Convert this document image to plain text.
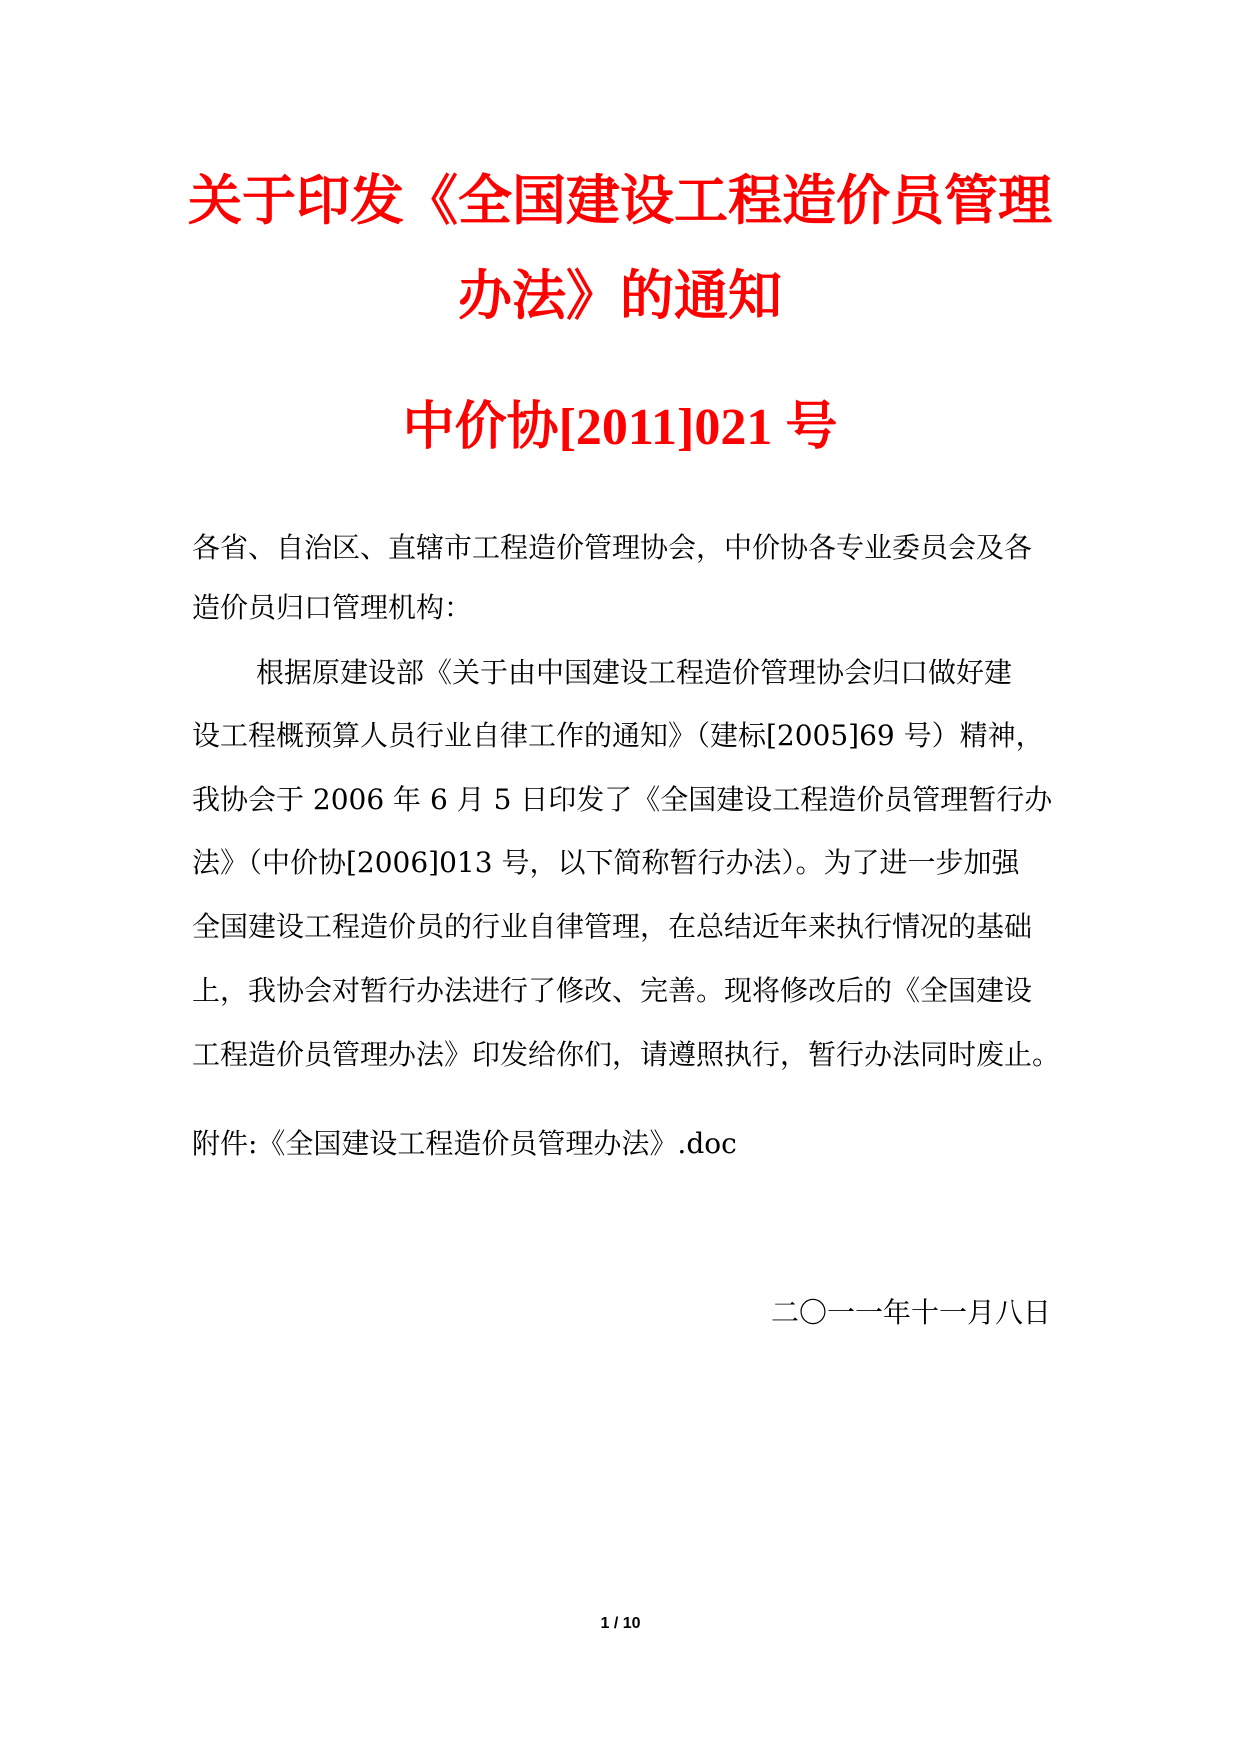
关于印发《全国建设工程造价员管理
办法》的通知
中价协[2011]021 号
各省、自治区、直辖市工程造价管理协会，中价协各专业委员会及各
造价员归口管理机构：
根据原建设部《关于由中国建设工程造价管理协会归口做好建
设工程概预算人员行业自律工作的通知》（建标[2005]69 号）精神，
我协会于 2006 年 6 月 5 日印发了《全国建设工程造价员管理暂行办
法》（中价协[2006]013 号，以下简称暂行办法）。为了进一步加强
全国建设工程造价员的行业自律管理，在总结近年来执行情况的基础
上，我协会对暂行办法进行了修改、完善。现将修改后的《全国建设
工程造价员管理办法》印发给你们，请遵照执行，暂行办法同时废止。
附件:《全国建设工程造价员管理办法》.doc
二〇一一年十一月八日
1 / 10
